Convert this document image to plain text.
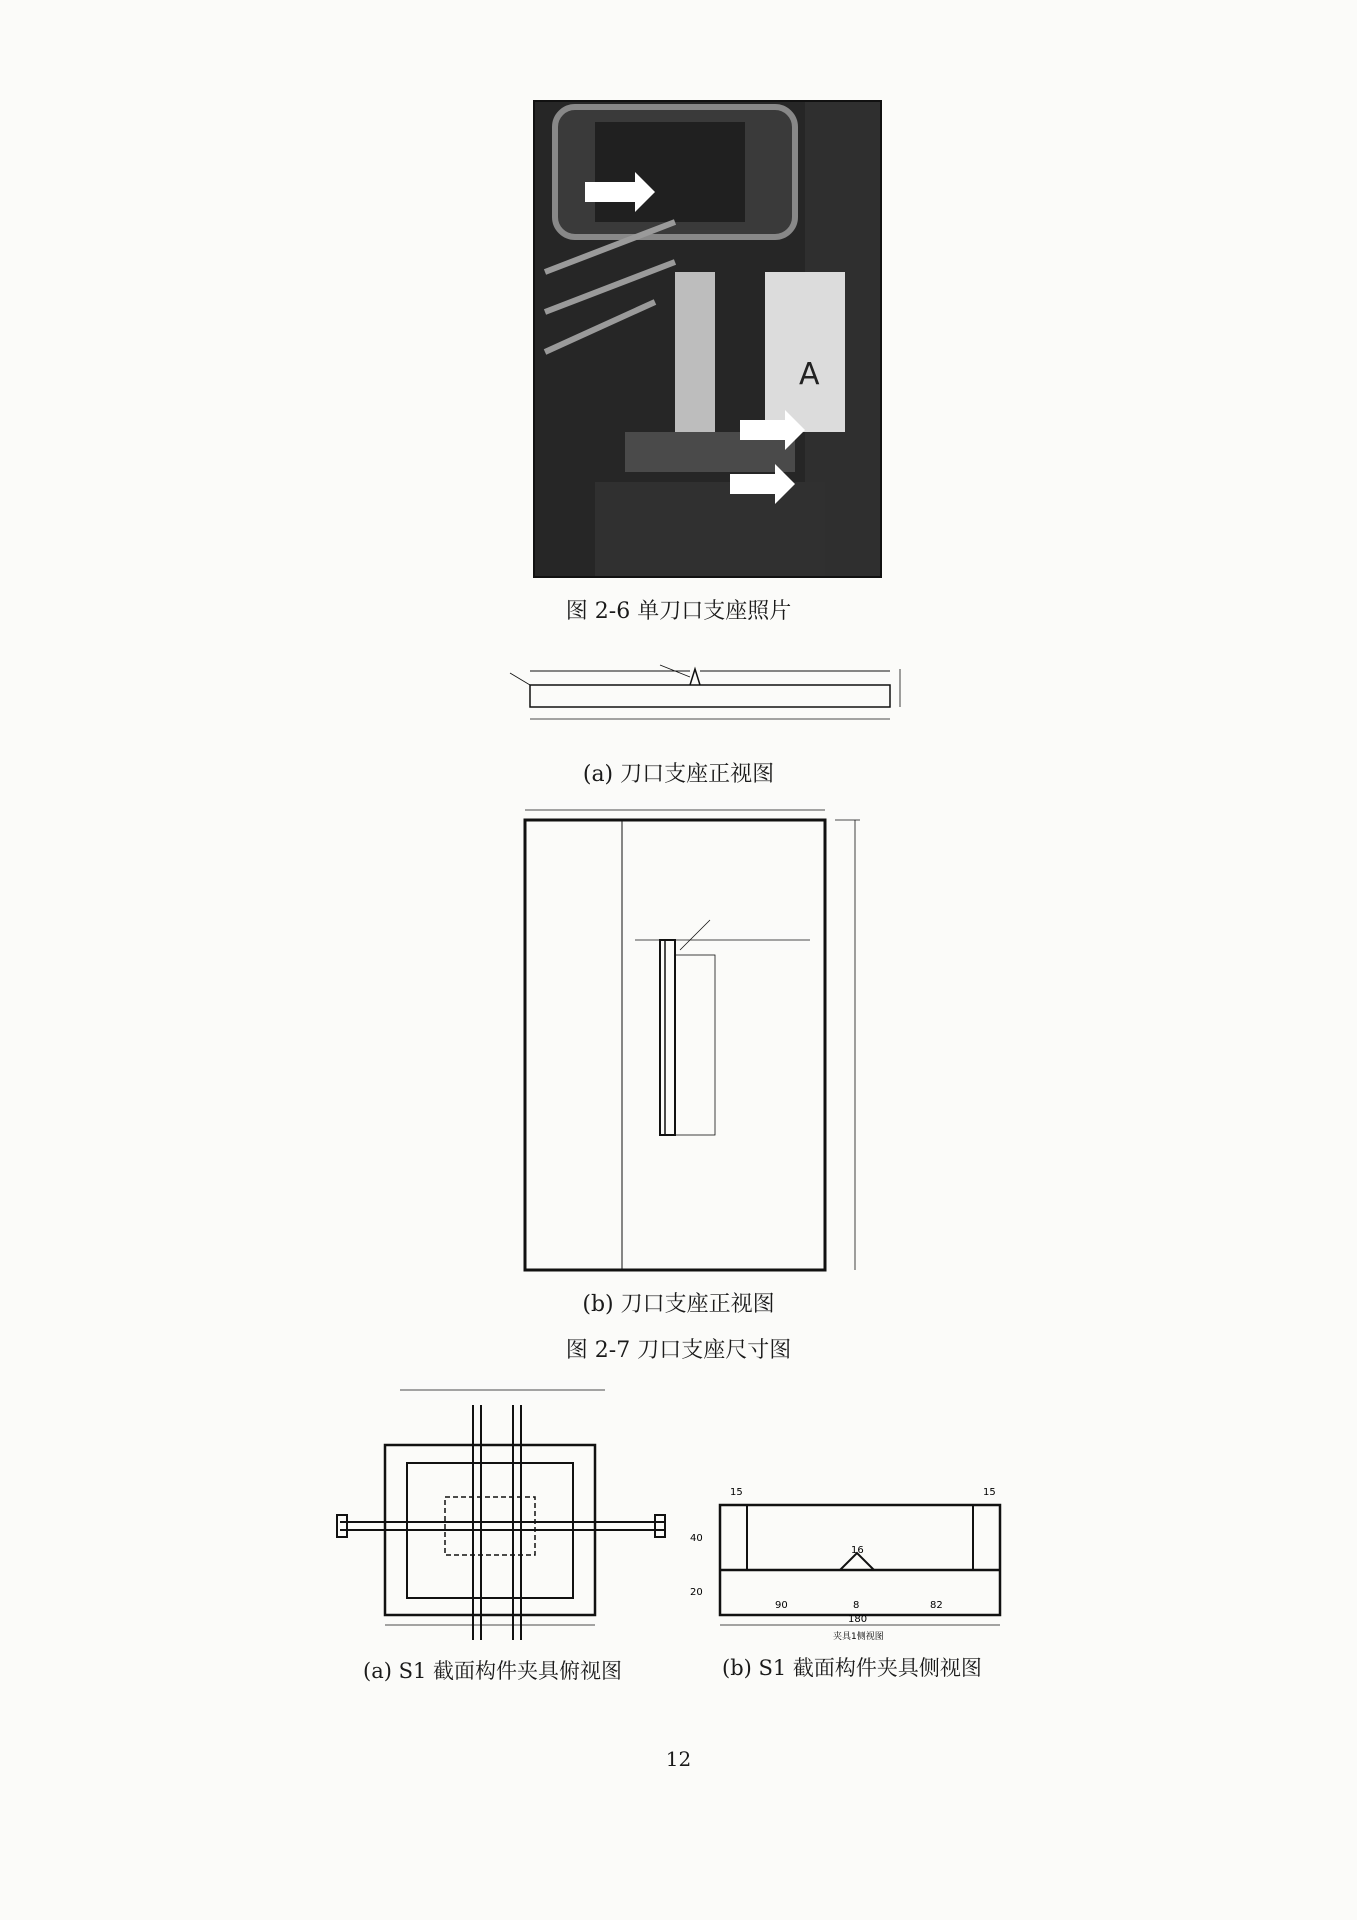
A
图 2-6 单刀口支座照片
(a) 刀口支座正视图
(b) 刀口支座正视图
图 2-7 刀口支座尺寸图
15	15
40
20
16
90	8	82
180
夹具1侧视图
(a) S1 截面构件夹具俯视图	(b) S1 截面构件夹具侧视图
12
